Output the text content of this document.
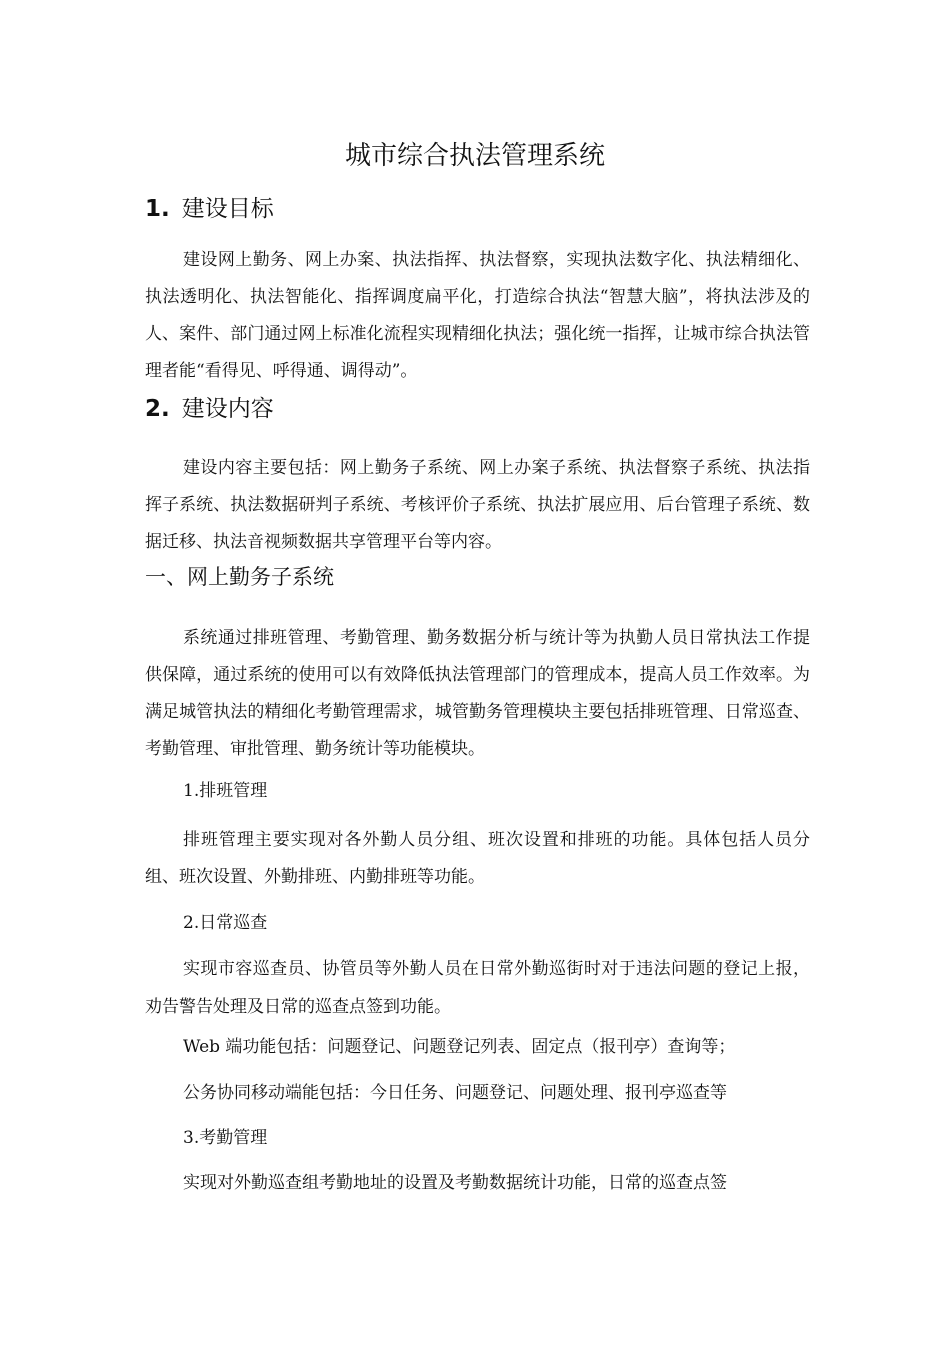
城市综合执法管理系统
1. 建设目标

建设网上勤务、网上办案、执法指挥、执法督察，实现执法数字化、执法精细化、执法透明化、执法智能化、指挥调度扁平化，打造综合执法“智慧大脑”，将执法涉及的人、案件、部门通过网上标准化流程实现精细化执法；强化统一指挥，让城市综合执法管理者能“看得见、呼得通、调得动”。

2. 建设内容

建设内容主要包括：网上勤务子系统、网上办案子系统、执法督察子系统、执法指挥子系统、执法数据研判子系统、考核评价子系统、执法扩展应用、后台管理子系统、数据迁移、执法音视频数据共享管理平台等内容。

一、网上勤务子系统

系统通过排班管理、考勤管理、勤务数据分析与统计等为执勤人员日常执法工作提供保障，通过系统的使用可以有效降低执法管理部门的管理成本，提高人员工作效率。为满足城管执法的精细化考勤管理需求，城管勤务管理模块主要包括排班管理、日常巡查、考勤管理、审批管理、勤务统计等功能模块。

1.排班管理

排班管理主要实现对各外勤人员分组、班次设置和排班的功能。具体包括人员分组、班次设置、外勤排班、内勤排班等功能。

2.日常巡查

实现市容巡查员、协管员等外勤人员在日常外勤巡街时对于违法问题的登记上报，劝告警告处理及日常的巡查点签到功能。

Web 端功能包括：问题登记、问题登记列表、固定点（报刊亭）查询等；
公务协同移动端能包括：今日任务、问题登记、问题处理、报刊亭巡查等
3.考勤管理
实现对外勤巡查组考勤地址的设置及考勤数据统计功能，日常的巡查点签
